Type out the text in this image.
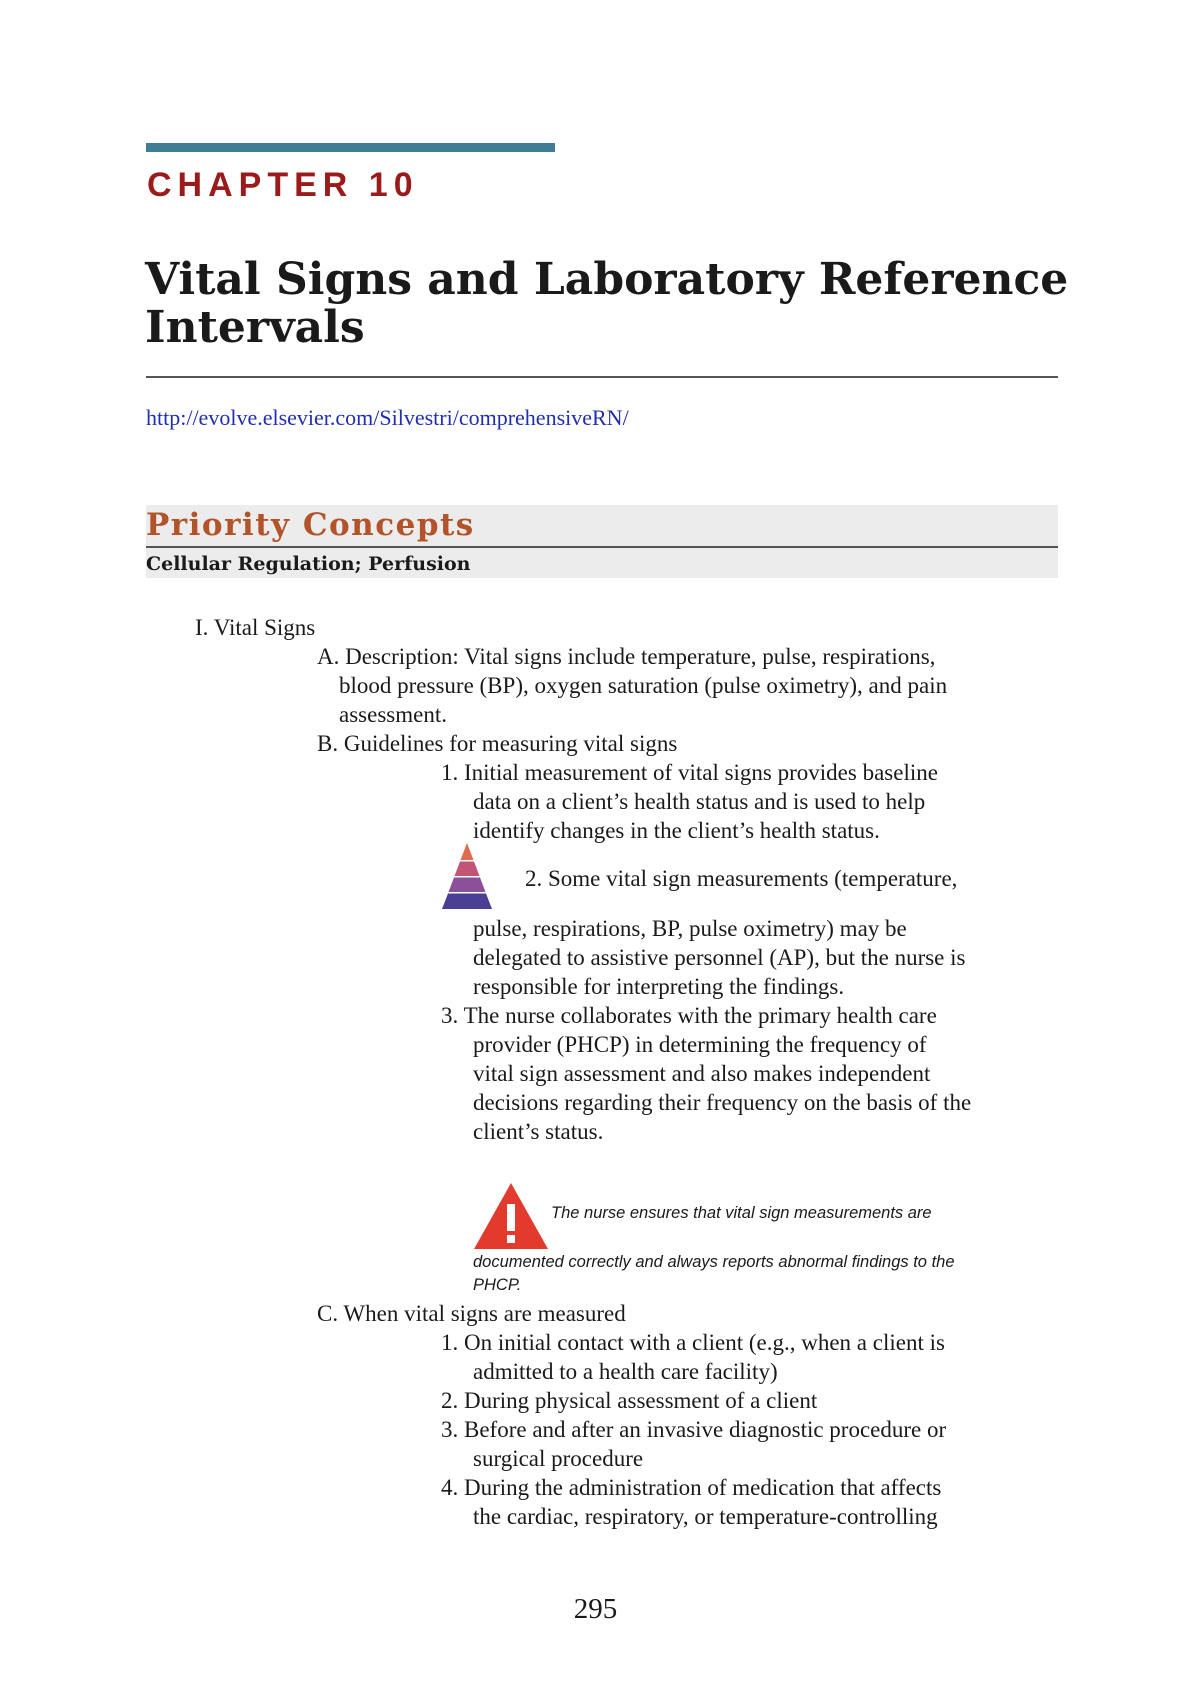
CHAPTER 10
Vital Signs and Laboratory Reference
Intervals
http://evolve.elsevier.com/Silvestri/comprehensiveRN/
Priority Concepts
Cellular Regulation; Perfusion
I. Vital Signs
A. Description: Vital signs include temperature, pulse, respirations,
blood pressure (BP), oxygen saturation (pulse oximetry), and pain
assessment.
B. Guidelines for measuring vital signs
1. Initial measurement of vital signs provides baseline
data on a client’s health status and is used to help
identify changes in the client’s health status.
2. Some vital sign measurements (temperature,
pulse, respirations, BP, pulse oximetry) may be
delegated to assistive personnel (AP), but the nurse is
responsible for interpreting the findings.
3. The nurse collaborates with the primary health care
provider (PHCP) in determining the frequency of
vital sign assessment and also makes independent
decisions regarding their frequency on the basis of the
client’s status.
The nurse ensures that vital sign measurements are
documented correctly and always reports abnormal findings to the
PHCP.
C. When vital signs are measured
1. On initial contact with a client (e.g., when a client is
admitted to a health care facility)
2. During physical assessment of a client
3. Before and after an invasive diagnostic procedure or
surgical procedure
4. During the administration of medication that affects
the cardiac, respiratory, or temperature-controlling
295
